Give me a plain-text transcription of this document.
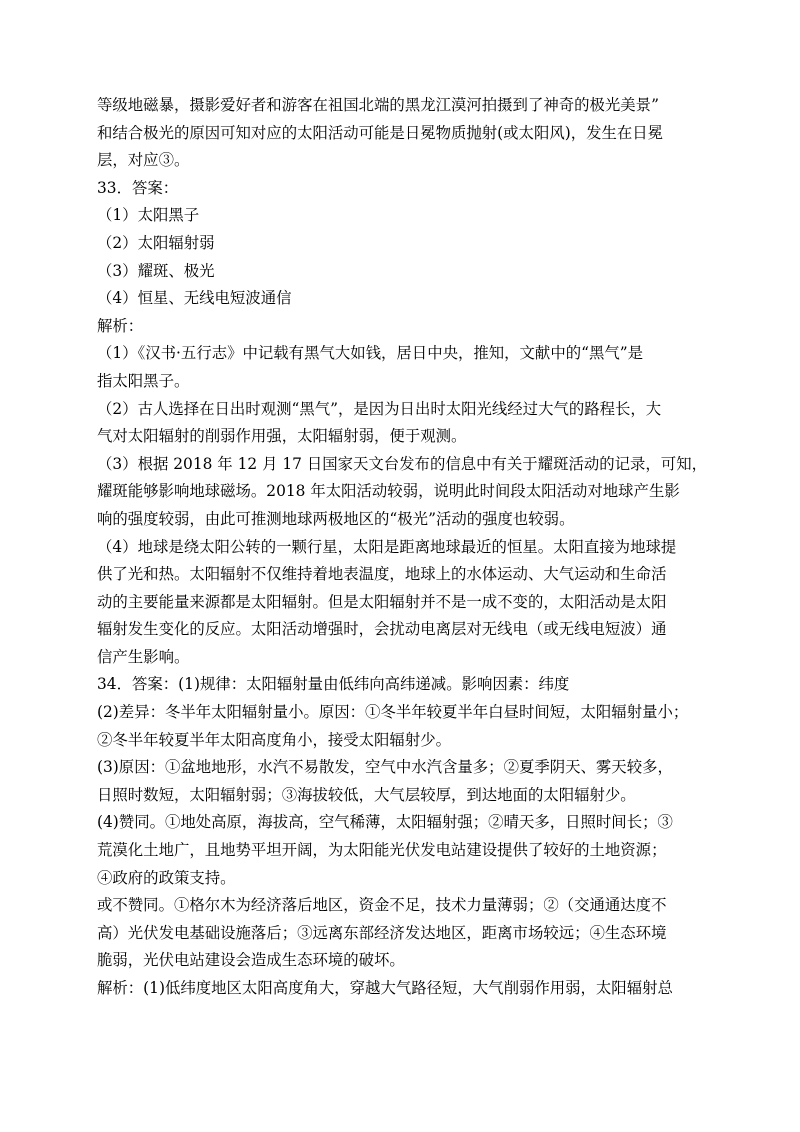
等级地磁暴，摄影爱好者和游客在祖国北端的黑龙江漠河拍摄到了神奇的极光美景”
和结合极光的原因可知对应的太阳活动可能是日冕物质抛射(或太阳风)，发生在日冕
层，对应③。
33．答案：
（1）太阳黑子
（2）太阳辐射弱
（3）耀斑、极光
（4）恒星、无线电短波通信
解析：
（1）《汉书·五行志》中记载有黑气大如钱，居日中央，推知，文献中的“黑气”是
指太阳黑子。
（2）古人选择在日出时观测“黑气”，是因为日出时太阳光线经过大气的路程长，大
气对太阳辐射的削弱作用强，太阳辐射弱，便于观测。
（3）根据 2018 年 12 月 17 日国家天文台发布的信息中有关于耀斑活动的记录，可知，
耀斑能够影响地球磁场。2018 年太阳活动较弱，说明此时间段太阳活动对地球产生影
响的强度较弱，由此可推测地球两极地区的“极光”活动的强度也较弱。
（4）地球是绕太阳公转的一颗行星，太阳是距离地球最近的恒星。太阳直接为地球提
供了光和热。太阳辐射不仅维持着地表温度，地球上的水体运动、大气运动和生命活
动的主要能量来源都是太阳辐射。但是太阳辐射并不是一成不变的，太阳活动是太阳
辐射发生变化的反应。太阳活动增强时，会扰动电离层对无线电（或无线电短波）通
信产生影响。
34．答案：(1)规律：太阳辐射量由低纬向高纬递减。影响因素：纬度
(2)差异：冬半年太阳辐射量小。原因：①冬半年较夏半年白昼时间短，太阳辐射量小；
②冬半年较夏半年太阳高度角小，接受太阳辐射少。
(3)原因：①盆地地形，水汽不易散发，空气中水汽含量多；②夏季阴天、雾天较多，
日照时数短，太阳辐射弱；③海拔较低，大气层较厚，到达地面的太阳辐射少。
(4)赞同。①地处高原，海拔高，空气稀薄，太阳辐射强；②晴天多，日照时间长；③
荒漠化土地广，且地势平坦开阔，为太阳能光伏发电站建设提供了较好的土地资源；
④政府的政策支持。
或不赞同。①格尔木为经济落后地区，资金不足，技术力量薄弱；②（交通通达度不
高）光伏发电基础设施落后；③远离东部经济发达地区，距离市场较远；④生态环境
脆弱，光伏电站建设会造成生态环境的破坏。
解析：(1)低纬度地区太阳高度角大，穿越大气路径短，大气削弱作用弱，太阳辐射总
